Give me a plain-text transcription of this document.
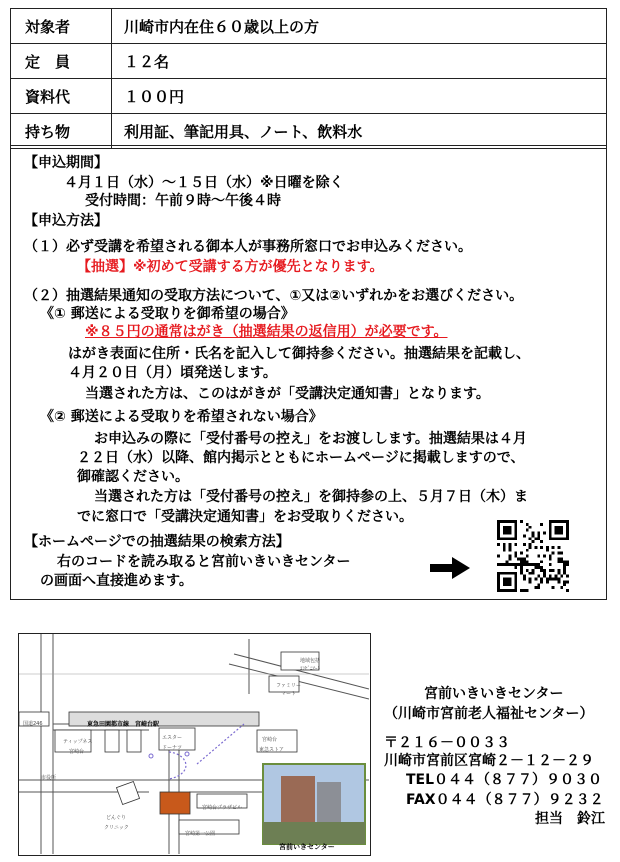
対象者	川崎市内在住６０歳以上の方
定　員	１２名
資料代	１００円
持ち物	利用証、筆記用具、ノート、飲料水
【申込期間】
４月１日（水）～１５日（水）※日曜を除く
受付時間：午前９時～午後４時
【申込方法】
（１）必ず受講を希望される御本人が事務所窓口でお申込みください。
【抽選】※初めて受講する方が優先となります。
（２）抽選結果通知の受取方法について、①又は②いずれかをお選びください。
《① 郵送による受取りを御希望の場合》
※８５円の通常はがき（抽選結果の返信用）が必要です。
はがき表面に住所・氏名を記入して御持参ください。抽選結果を記載し、
４月２０日（月）頃発送します。
当選された方は、このはがきが「受講決定通知書」となります。
《② 郵送による受取りを希望されない場合》
お申込みの際に「受付番号の控え」をお渡しします。抽選結果は４月
２２日（水）以降、館内掲示とともにホームページに掲載しますので、
御確認ください。
当選された方は「受付番号の控え」を御持参の上、５月７日（木）ま
でに窓口で「受講決定通知書」をお受取りください。
【ホームページでの抽選結果の検索方法】
右のコードを読み取ると宮前いきいきセンター
の画面へ直接進めます。
東急田園都市線　宮崎台駅
地域包括
ｺﾝﾋﾞﾆﾏｰﾄ
ファミリー
マート
国道246
ティップネス
宮崎台
エスター
ドーナツ
宮崎台
東急ストア
宮崎台プラザビル
宮崎第一公園
どんぐり
クリニック
市役所
宮前いきセンター
宮前いきいきセンター
（川崎市宮前老人福祉センター）
〒２１６－００３３
川崎市宮前区宮崎２－１２－２９
TEL０４４（８７７）９０３０
FAX０４４（８７７）９２３２
担当　鈴江
